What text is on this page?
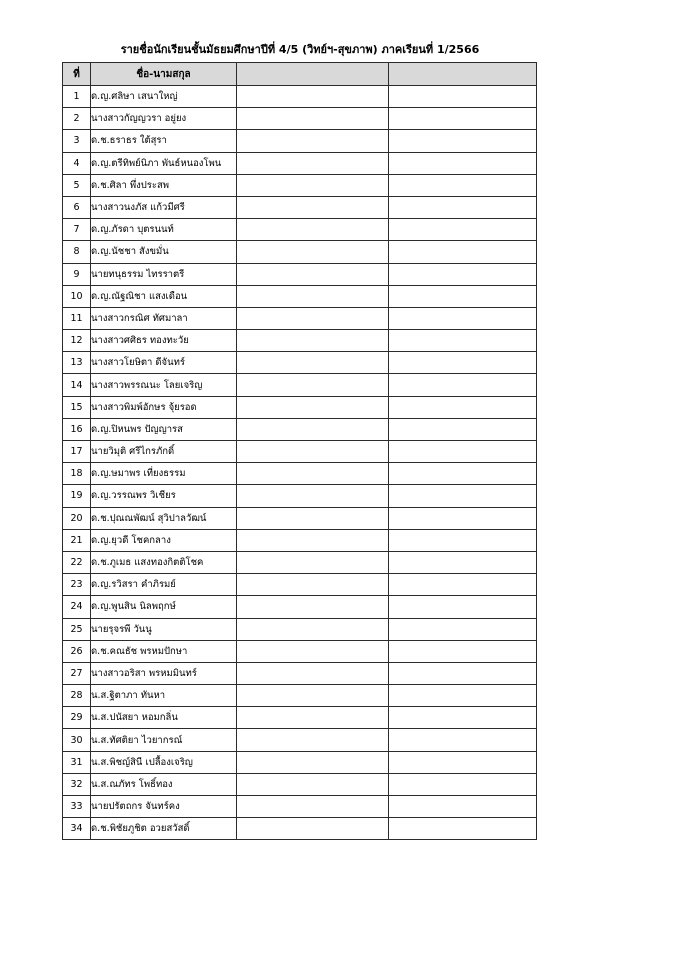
รายชื่อนักเรียนชั้นมัธยมศึกษาปีที่ 4/5 (วิทย์ฯ-สุขภาพ) ภาคเรียนที่ 1/2566
ที่	ชื่อ-นามสกุล		
1	ด.ญ.ศลิษา เสนาใหญ่		
2	นางสาวกัญญวรา อยู่ยง		
3	ด.ช.ธราธร ใต้สุรา		
4	ด.ญ.ตรีทิพย์นิภา พันธ์หนองโพน		
5	ด.ช.ศิลา พึ่งประสพ		
6	นางสาวนงภัส แก้วมีศรี		
7	ด.ญ.ภัรดา บุตรนนท์		
8	ด.ญ.นัชชา สังขมั่น		
9	นายทนุธรรม ไทรราตรี		
10	ด.ญ.ณัฐณิชา แสงเดือน		
11	นางสาวกรณิศ ทัศมาลา		
12	นางสาวศศิธร ทองทะวัย		
13	นางสาวโยษิตา ดีจันทร์		
14	นางสาวพรรณนะ โลยเจริญ		
15	นางสาวพิมพ์อักษร จุ้ยรอด		
16	ด.ญ.ปิหนพร ปัญญารส		
17	นายวิมุติ ศรีไกรภักดิ์		
18	ด.ญ.ษมาพร เที่ยงธรรม		
19	ด.ญ.วรรณพร วิเชียร		
20	ด.ช.ปุณณพัฒน์ สุวิปาลวัฒน์		
21	ด.ญ.ยุวดี โชคกลาง		
22	ด.ช.ภูเมธ แสงทองกิตติโชค		
23	ด.ญ.รวิสรา คำภิรมย์		
24	ด.ญ.พูนสิน นิลพฤกษ์		
25	นายรุจรพี วันนู		
26	ด.ช.คณธัช พรหมปักษา		
27	นางสาวอริสา พรหมมินทร์		
28	น.ส.ฐิตาภา ทันหา		
29	น.ส.ปนัสยา หอมกลิ่น		
30	น.ส.ทัศติยา ไวยากรณ์		
31	น.ส.พิชญ์สินี เปลื้องเจริญ		
32	น.ส.ณภัทร โพธิ์ทอง		
33	นายปรัตถกร จันทร์คง		
34	ด.ช.พิชัยภูชิต อวยสวัสดิ์		
